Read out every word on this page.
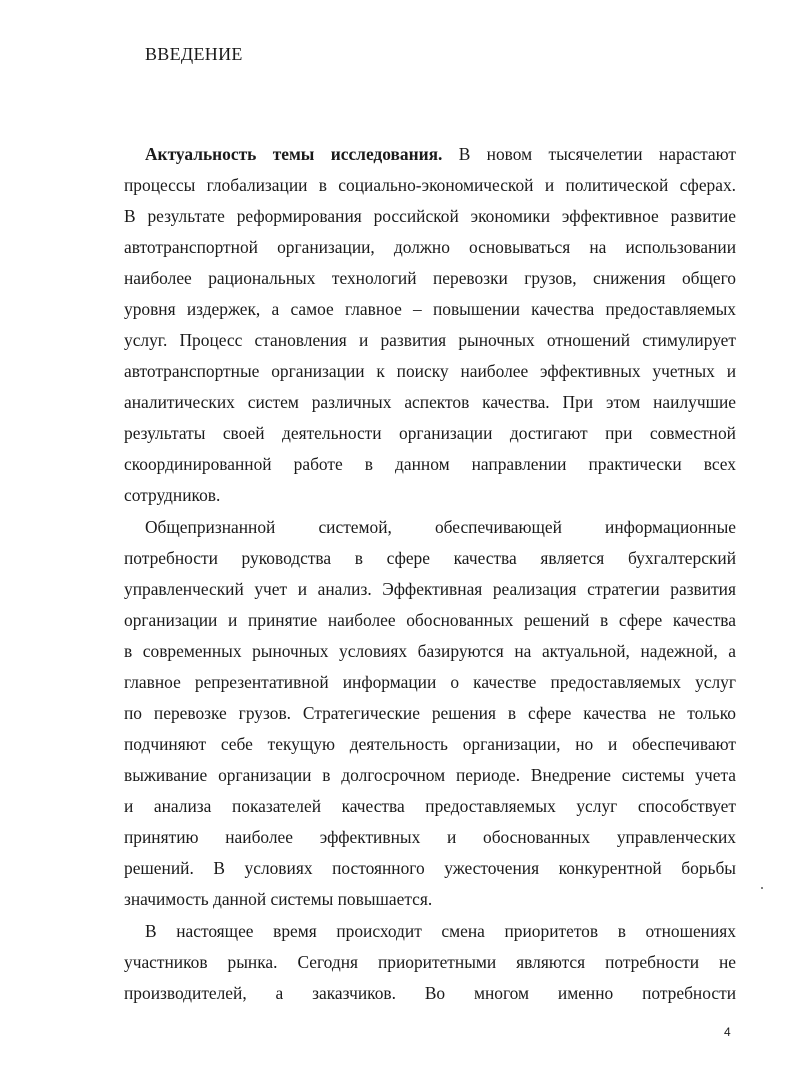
ВВЕДЕНИЕ
Актуальность темы исследования. В новом тысячелетии нарастают
процессы глобализации в социально-экономической и политической сферах.
В результате реформирования российской экономики эффективное развитие
автотранспортной организации, должно основываться на использовании
наиболее рациональных технологий перевозки грузов, снижения общего
уровня издержек, а самое главное – повышении качества предоставляемых
услуг. Процесс становления и развития рыночных отношений стимулирует
автотранспортные организации к поиску наиболее эффективных учетных и
аналитических систем различных аспектов качества. При этом наилучшие
результаты своей деятельности организации достигают при совместной
скоординированной работе в данном направлении практически всех
сотрудников.
Общепризнанной системой, обеспечивающей информационные
потребности руководства в сфере качества является бухгалтерский
управленческий учет и анализ. Эффективная реализация стратегии развития
организации и принятие наиболее обоснованных решений в сфере качества
в современных рыночных условиях базируются на актуальной, надежной, а
главное репрезентативной информации о качестве предоставляемых услуг
по перевозке грузов. Стратегические решения в сфере качества не только
подчиняют себе текущую деятельность организации, но и обеспечивают
выживание организации в долгосрочном периоде. Внедрение системы учета
и анализа показателей качества предоставляемых услуг способствует
принятию наиболее эффективных и обоснованных управленческих
решений. В условиях постоянного ужесточения конкурентной борьбы
значимость данной системы повышается.
В настоящее время происходит смена приоритетов в отношениях
участников рынка. Сегодня приоритетными являются потребности не
производителей, а заказчиков. Во многом именно потребности
4
